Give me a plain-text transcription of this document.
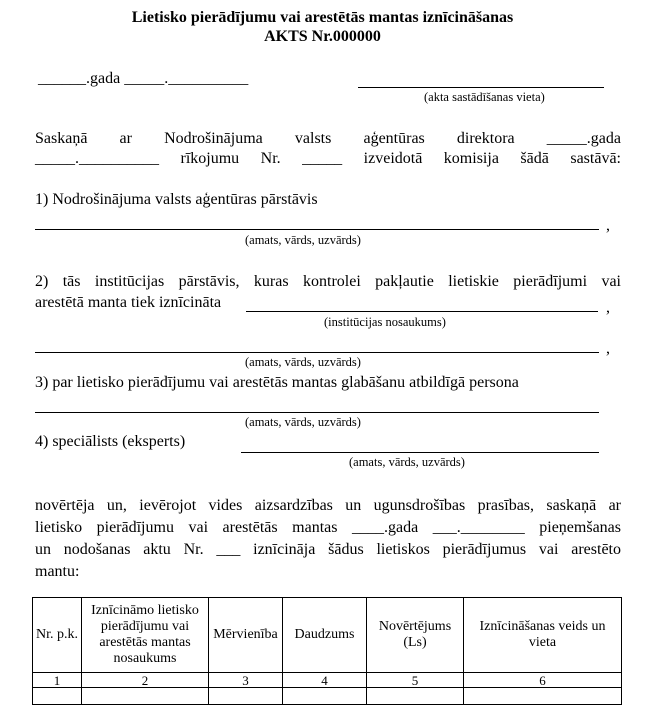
Lietisko pierādījumu vai arestētās mantas iznīcināšanas
AKTS Nr.000000
______.gada _____.__________
(akta sastādīšanas vieta)
Saskaņā ar Nodrošinājuma valsts aģentūras direktora _____.gada
_____.__________ rīkojumu Nr. _____ izveidotā komisija šādā sastāvā:
1) Nodrošinājuma valsts aģentūras pārstāvis
,
(amats, vārds, uzvārds)
2) tās institūcijas pārstāvis, kuras kontrolei pakļautie lietiskie pierādījumi vai
arestētā manta tiek iznīcināta	,
(institūcijas nosaukums)
,
(amats, vārds, uzvārds)
3) par lietisko pierādījumu vai arestētās mantas glabāšanu atbildīgā persona
(amats, vārds, uzvārds)
4) speciālists (eksperts)
(amats, vārds, uzvārds)
novērtēja un, ievērojot vides aizsardzības un ugunsdrošības prasības, saskaņā ar
lietisko pierādījumu vai arestētās mantas ____.gada ___.________ pieņemšanas
un nodošanas aktu Nr. ___ iznīcināja šādus lietiskos pierādījumus vai arestēto
mantu:
Nr. p.k.	Iznīcināmo lietisko pierādījumu vai arestētās mantas nosaukums	Mērvienība	Daudzums	Novērtējums (Ls)	Iznīcināšanas veids un vieta
1	2	3	4	5	6
